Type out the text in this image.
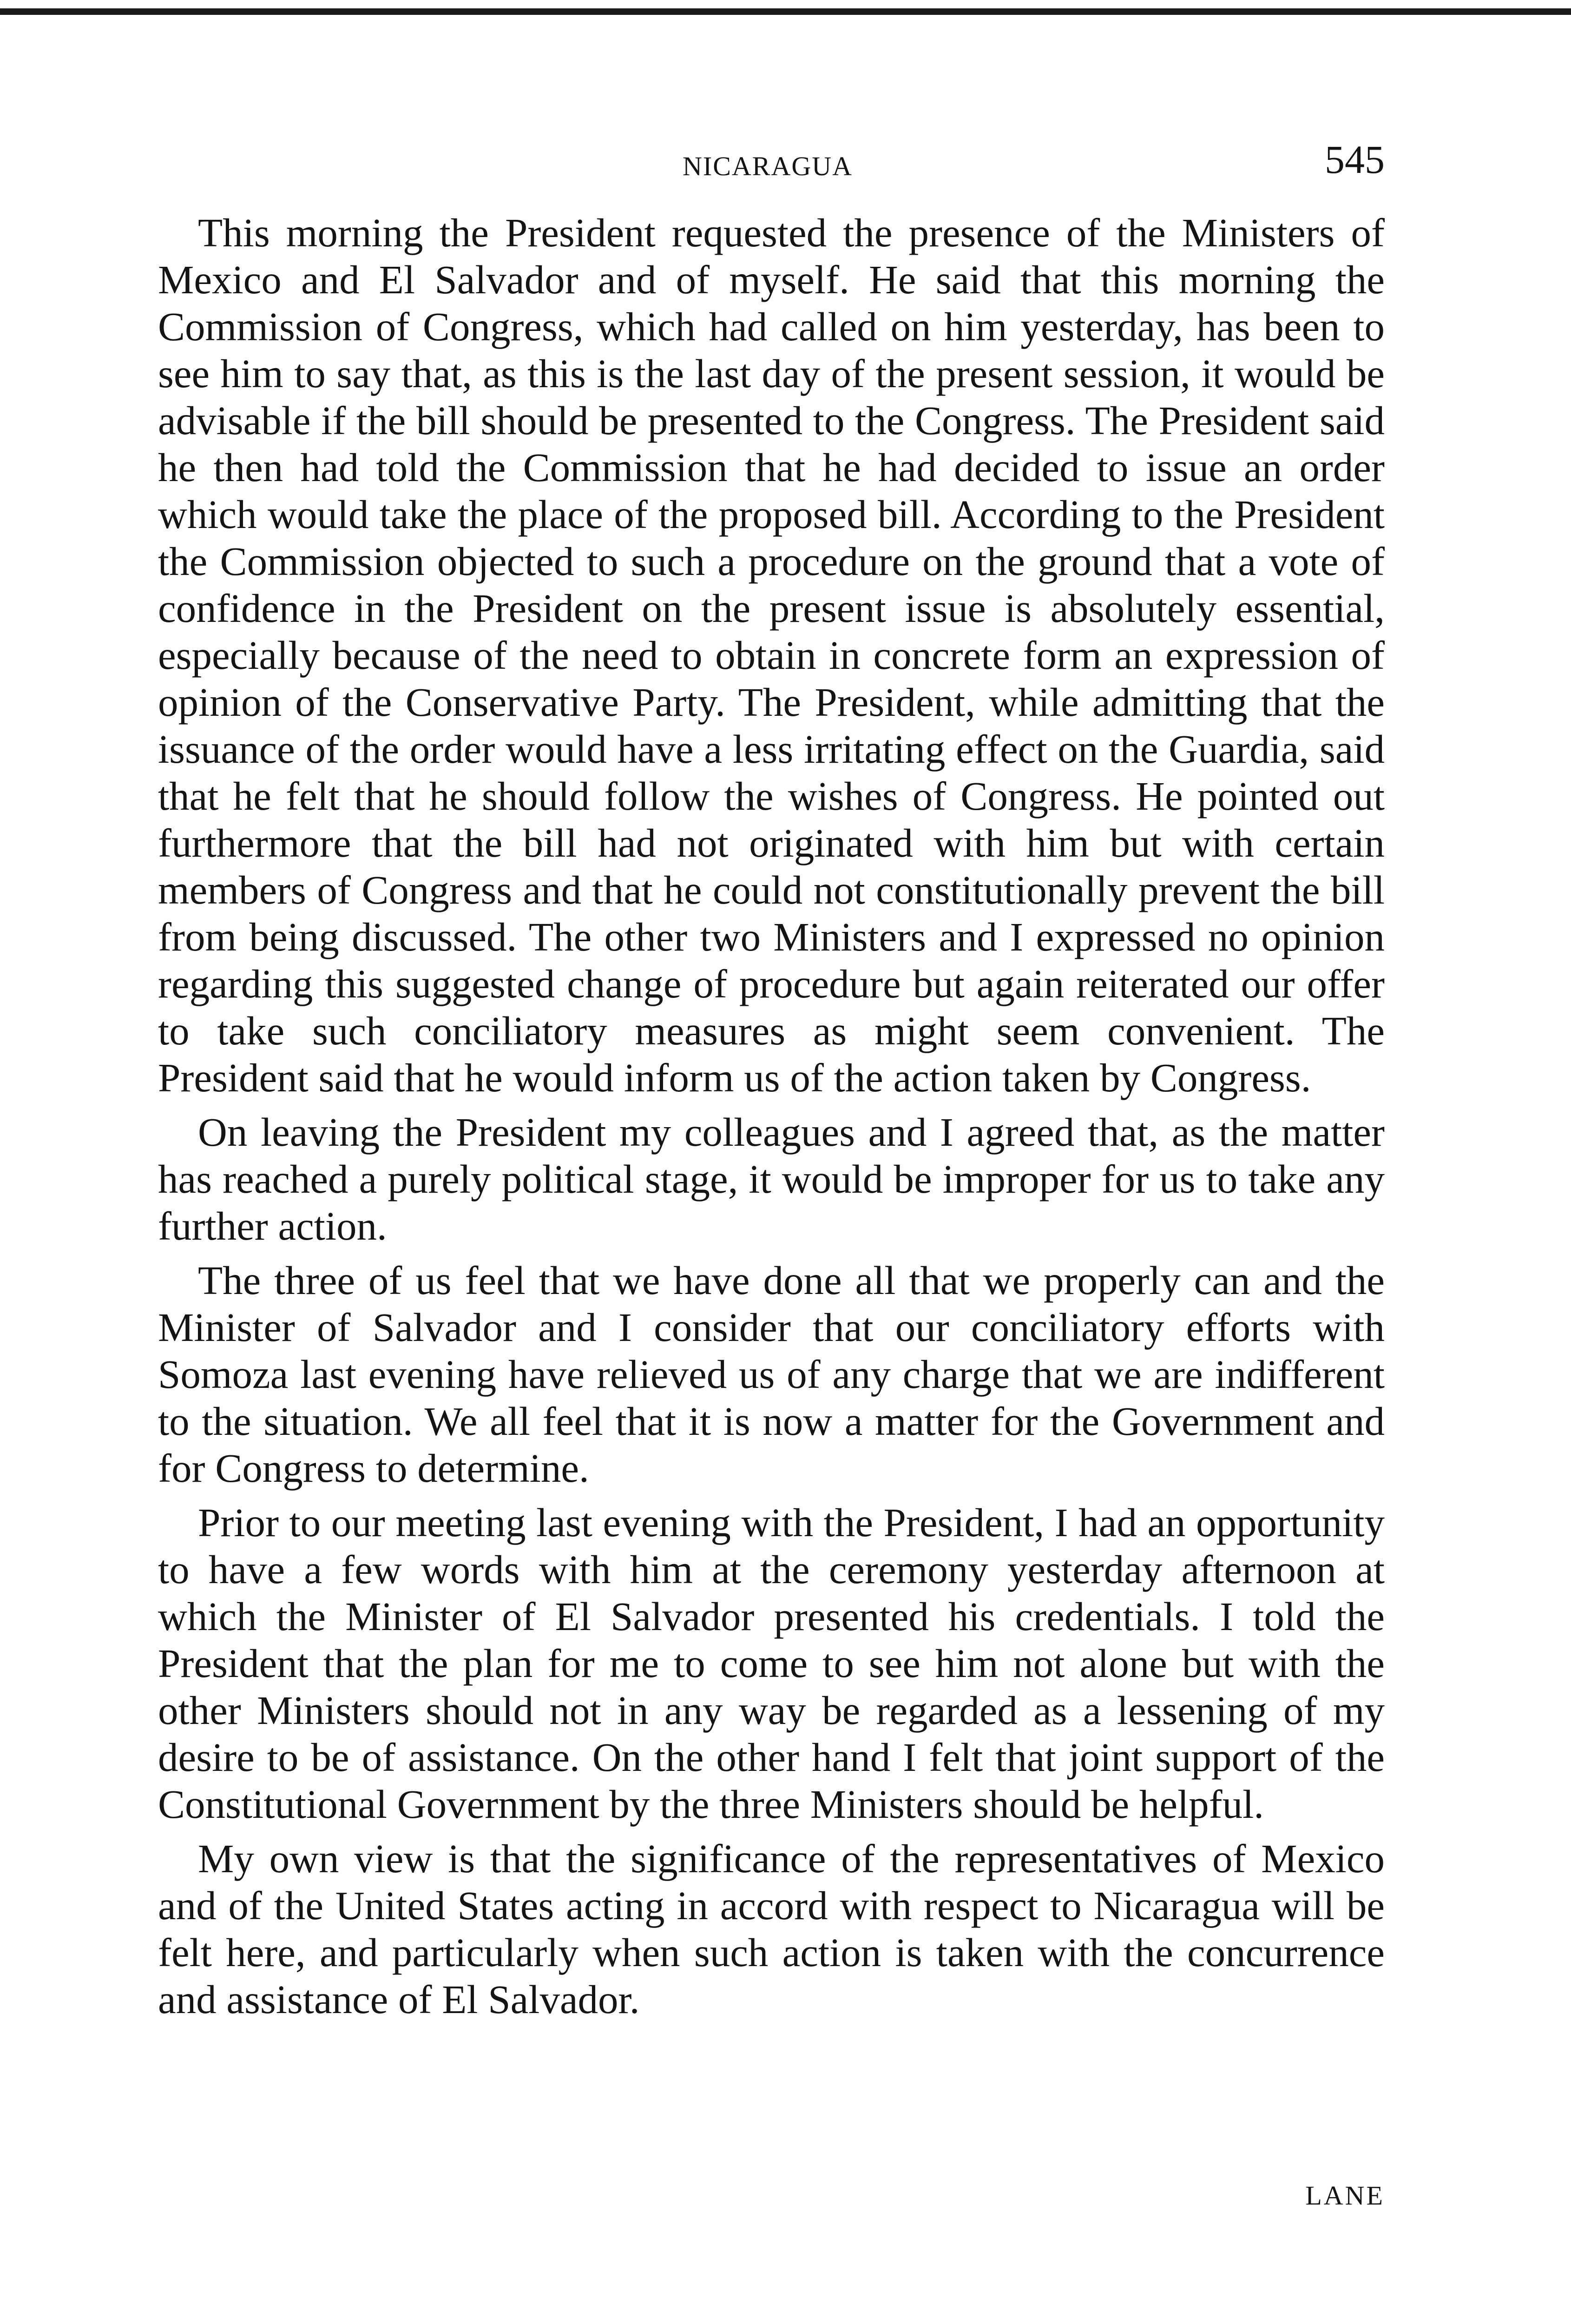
NICARAGUA	545

This morning the President requested the presence of the Ministers of Mexico and El Salvador and of myself. He said that this morning the Commission of Congress, which had called on him yesterday, has been to see him to say that, as this is the last day of the present session, it would be advisable if the bill should be presented to the Congress. The President said he then had told the Commission that he had decided to issue an order which would take the place of the proposed bill. According to the President the Commission objected to such a procedure on the ground that a vote of confidence in the President on the present issue is absolutely essential, especially because of the need to obtain in concrete form an expression of opinion of the Conservative Party. The President, while admitting that the issuance of the order would have a less irritating effect on the Guardia, said that he felt that he should follow the wishes of Congress. He pointed out furthermore that the bill had not originated with him but with certain members of Congress and that he could not constitutionally prevent the bill from being discussed. The other two Ministers and I expressed no opinion regarding this suggested change of procedure but again reiterated our offer to take such conciliatory measures as might seem convenient. The President said that he would inform us of the action taken by Congress.

On leaving the President my colleagues and I agreed that, as the matter has reached a purely political stage, it would be improper for us to take any further action.

The three of us feel that we have done all that we properly can and the Minister of Salvador and I consider that our conciliatory efforts with Somoza last evening have relieved us of any charge that we are indifferent to the situation. We all feel that it is now a matter for the Government and for Congress to determine.

Prior to our meeting last evening with the President, I had an opportunity to have a few words with him at the ceremony yesterday afternoon at which the Minister of El Salvador presented his credentials. I told the President that the plan for me to come to see him not alone but with the other Ministers should not in any way be regarded as a lessening of my desire to be of assistance. On the other hand I felt that joint support of the Constitutional Government by the three Ministers should be helpful.

My own view is that the significance of the representatives of Mexico and of the United States acting in accord with respect to Nicaragua will be felt here, and particularly when such action is taken with the concurrence and assistance of El Salvador.

LANE
